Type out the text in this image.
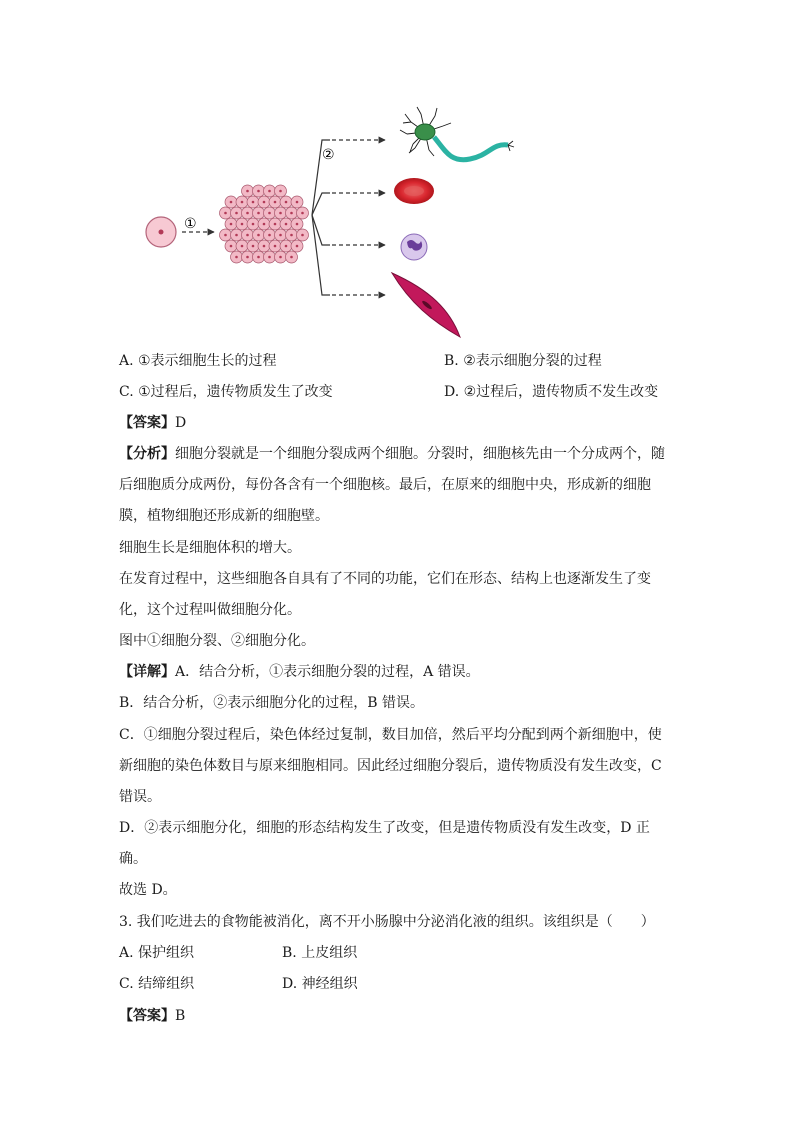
①
②
A. ①表示细胞生长的过程	B. ②表示细胞分裂的过程
C. ①过程后，遗传物质发生了改变	D. ②过程后，遗传物质不发生改变
【答案】D
【分析】细胞分裂就是一个细胞分裂成两个细胞。分裂时，细胞核先由一个分成两个，随
后细胞质分成两份，每份各含有一个细胞核。最后，在原来的细胞中央，形成新的细胞
膜，植物细胞还形成新的细胞壁。
细胞生长是细胞体积的增大。
在发育过程中，这些细胞各自具有了不同的功能，它们在形态、结构上也逐渐发生了变
化，这个过程叫做细胞分化。
图中①细胞分裂、②细胞分化。
【详解】A．结合分析，①表示细胞分裂的过程，A 错误。
B．结合分析，②表示细胞分化的过程，B 错误。
C．①细胞分裂过程后，染色体经过复制，数目加倍，然后平均分配到两个新细胞中，使
新细胞的染色体数目与原来细胞相同。因此经过细胞分裂后，遗传物质没有发生改变，C
错误。
D．②表示细胞分化，细胞的形态结构发生了改变，但是遗传物质没有发生改变，D 正
确。
故选 D。
3. 我们吃进去的食物能被消化，离不开小肠腺中分泌消化液的组织。该组织是（　　）
A. 保护组织	B. 上皮组织
C. 结缔组织	D. 神经组织
【答案】B
